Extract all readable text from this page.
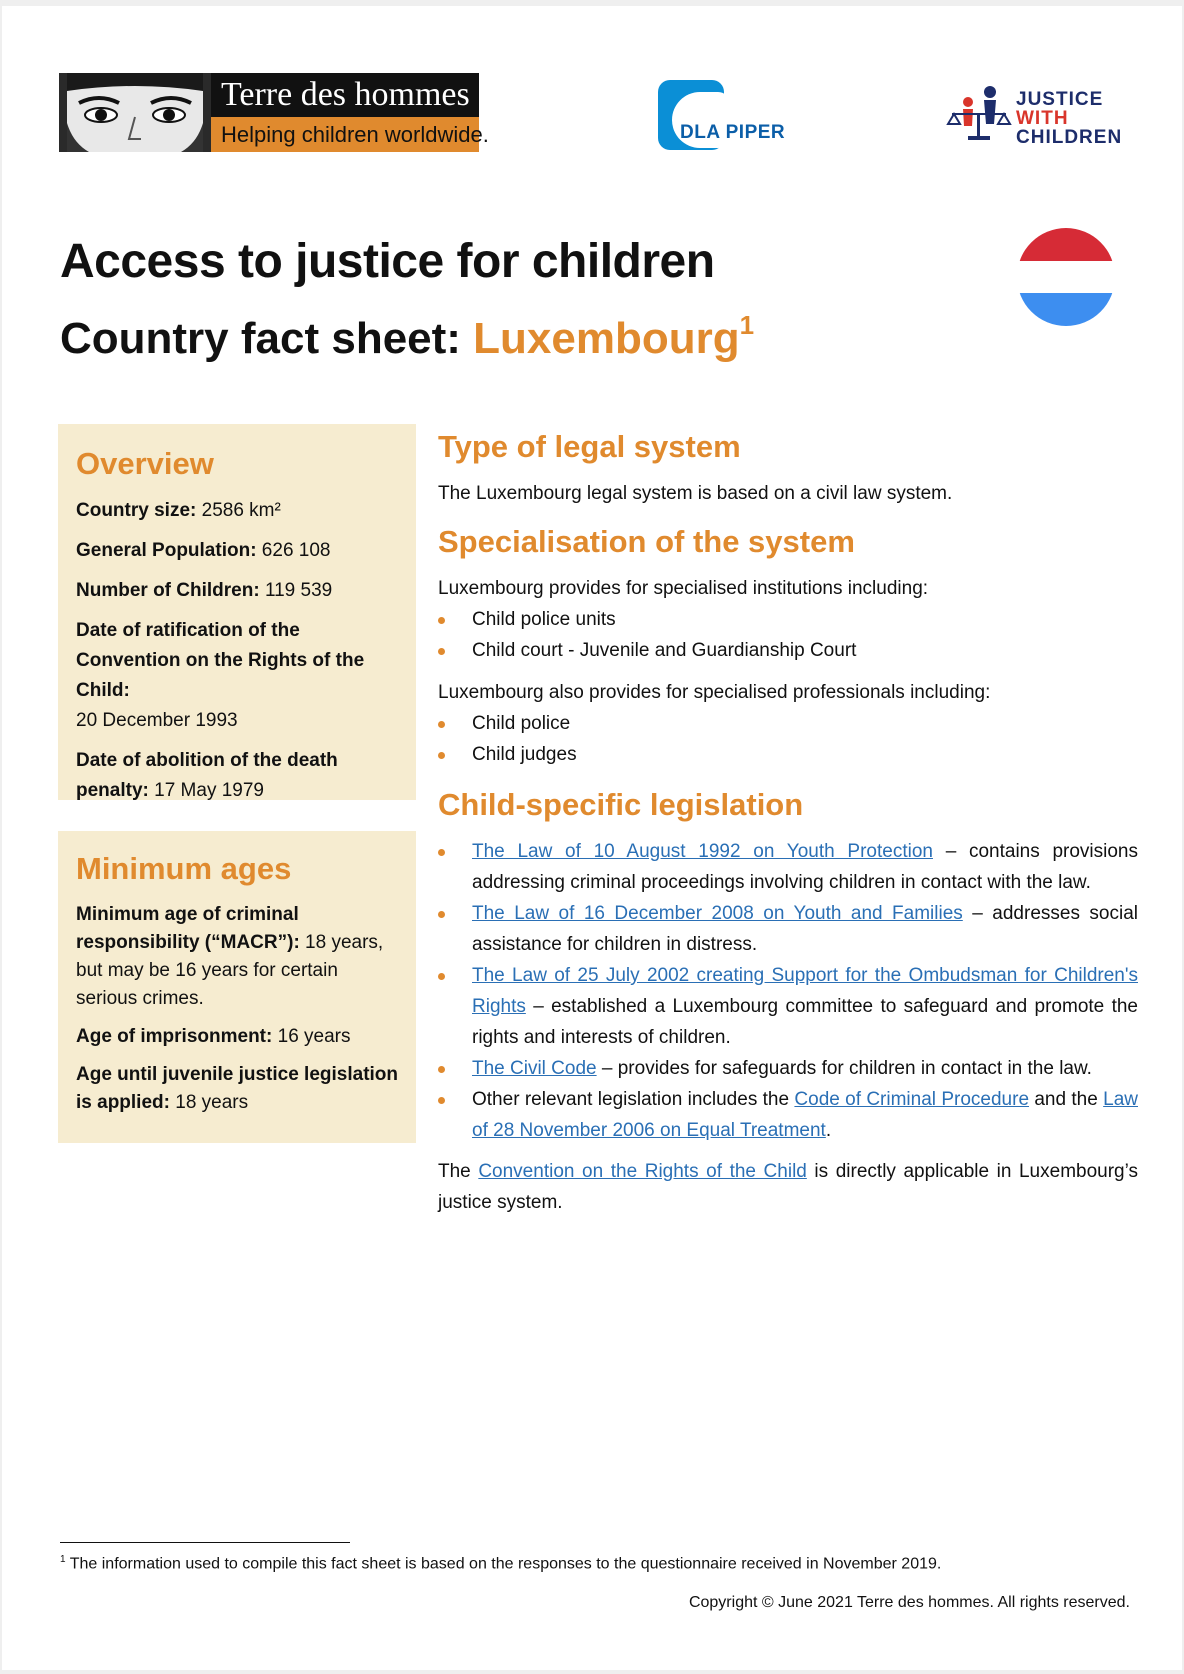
Terre des hommes
Helping children worldwide.	DLA PIPER
JUSTICE
WITH
CHILDREN
Access to justice for children
Country fact sheet: Luxembourg$^1$
Overview
Country size: 2586 km²
General Population: 626 108
Number of Children: 119 539
Date of ratification of the Convention on the Rights of the Child:
20 December 1993
Date of abolition of the death penalty: 17 May 1979
Minimum ages
Minimum age of criminal responsibility (“MACR”): 18 years, but may be 16 years for certain serious crimes.
Age of imprisonment: 16 years
Age until juvenile justice legislation is applied: 18 years
Type of legal system

The Luxembourg legal system is based on a civil law system.

Specialisation of the system

Luxembourg provides for specialised institutions including:

Child police units
Child court - Juvenile and Guardianship Court

Luxembourg also provides for specialised professionals including:

Child police
Child judges
Child-specific legislation
The Law of 10 August 1992 on Youth Protection – contains provisions addressing criminal proceedings involving children in contact with the law.
The Law of 16 December 2008 on Youth and Families – addresses social assistance for children in distress.
The Law of 25 July 2002 creating Support for the Ombudsman for Children's Rights – established a Luxembourg committee to safeguard and promote the rights and interests of children.
The Civil Code – provides for safeguards for children in contact in the law.
Other relevant legislation includes the Code of Criminal Procedure and the Law of 28 November 2006 on Equal Treatment.

The Convention on the Rights of the Child is directly applicable in Luxembourg’s justice system.

$^1$ The information used to compile this fact sheet is based on the responses to the questionnaire received in November 2019.
Copyright © June 2021 Terre des hommes. All rights reserved.
